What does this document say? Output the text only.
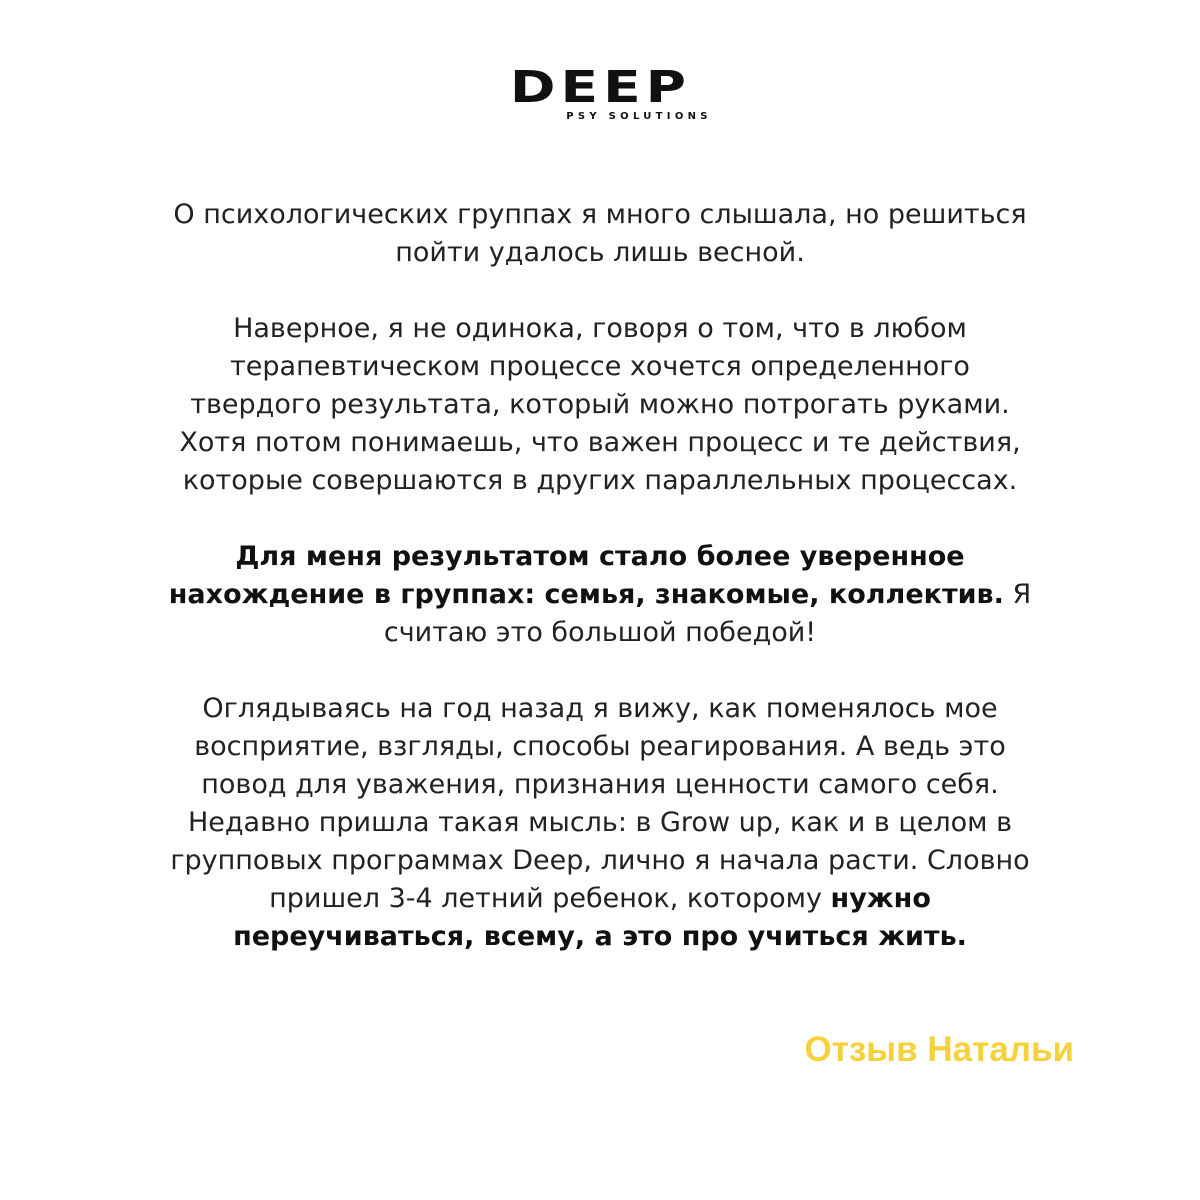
DEEP
PSY SOLUTIONS

О психологических группах я много слышала, но решиться
пойти удалось лишь весной.

Наверное, я не одинока, говоря о том, что в любом
терапевтическом процессе хочется определенного
твердого результата, который можно потрогать руками.
Хотя потом понимаешь, что важен процесс и те действия,
которые совершаются в других параллельных процессах.

Для меня результатом стало более уверенное
нахождение в группах: семья, знакомые, коллектив. Я
считаю это большой победой!

Оглядываясь на год назад я вижу, как поменялось мое
восприятие, взгляды, способы реагирования. А ведь это
повод для уважения, признания ценности самого себя.
Недавно пришла такая мысль: в Grow up, как и в целом в
групповых программах Deep, лично я начала расти. Словно
пришел 3-4 летний ребенок, которому нужно
переучиваться, всему, а это про учиться жить.

Отзыв Натальи
